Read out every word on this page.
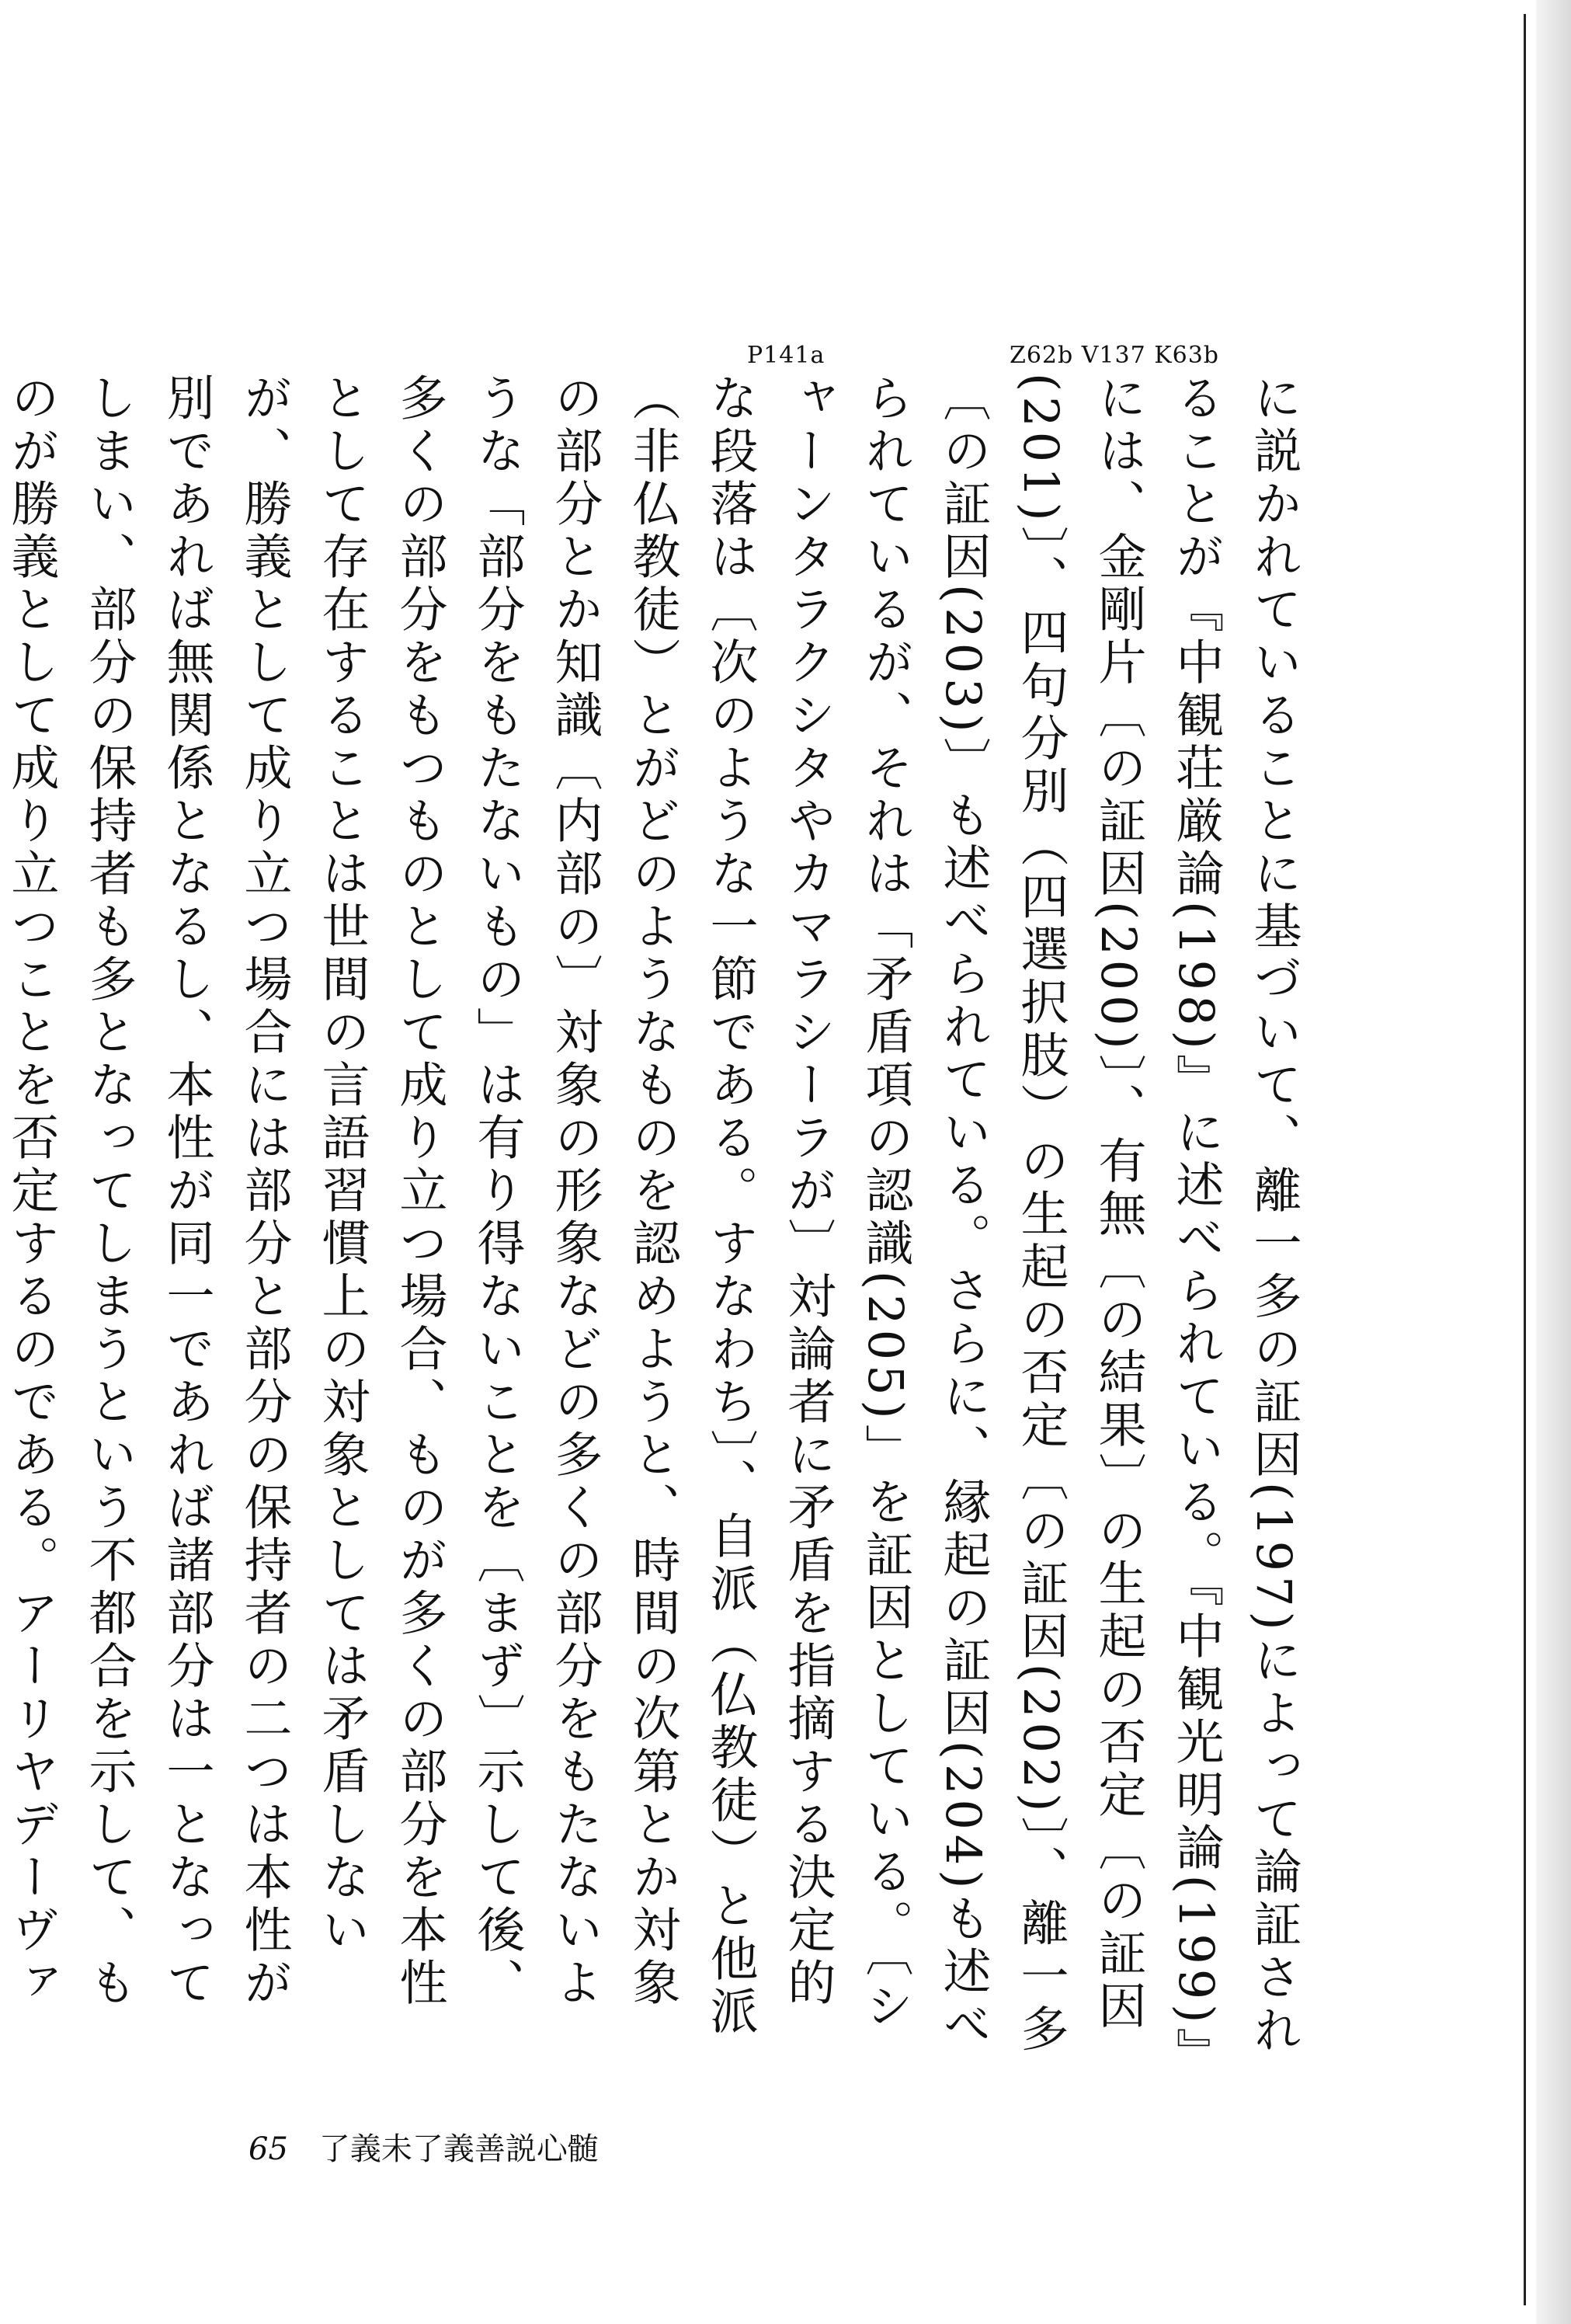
Z62b V137 K63b
P141a

に説かれていることに基づいて、離一多の証因(197)によって論証されることが『中観荘厳論(198)』に述べられている。『中観光明論(199)』には、金剛片〔の証因(200)〕、有無〔の結果〕の生起の否定〔の証因(201)〕、四句分別（四選択肢）の生起の否定〔の証因(202)〕、離一多〔の証因(203)〕も述べられている。さらに、縁起の証因(204)も述べられているが、それは「矛盾項の認識(205)」を証因としている。〔シャーンタラクシタやカマラシーラが〕対論者に矛盾を指摘する決定的な段落は〔次のような一節である。すなわち〕、自派（仏教徒）と他派（非仏教徒）とがどのようなものを認めようと、時間の次第とか対象の部分とか知識〔内部の〕対象の形象などの多くの部分をもたないような「部分をもたないもの」は有り得ないことを〔まず〕示して後、多くの部分をもつものとして成り立つ場合、ものが多くの部分を本性として存在することは世間の言語習慣上の対象としては矛盾しないが、勝義として成り立つ場合には部分と部分の保持者の二つは本性が別であれば無関係となるし、本性が同一であれば諸部分は一となってしまい、部分の保持者も多となってしまうという不都合を示して、ものが勝義として成り立つことを否定するのである。アーリヤデーヴァ

65 了義未了義善説心髄
